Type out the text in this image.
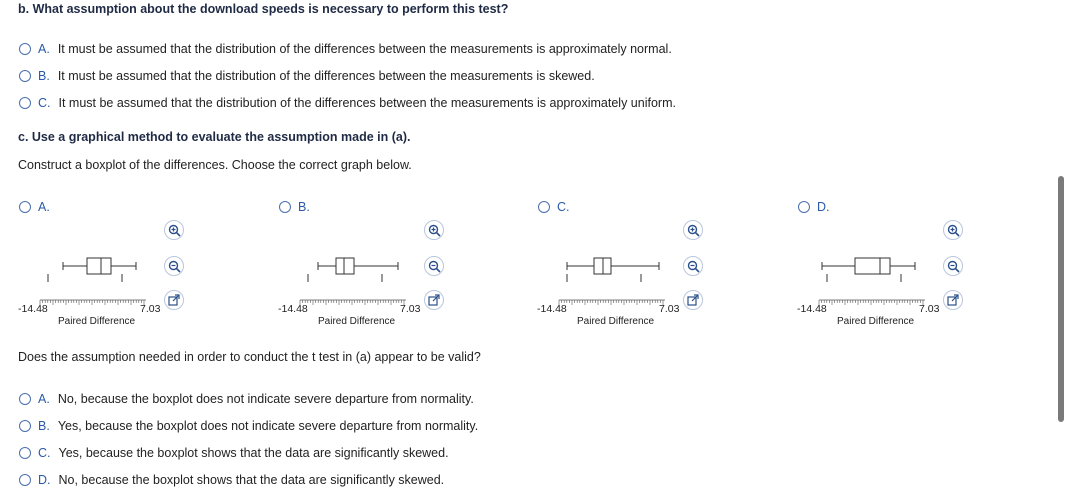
b. What assumption about the download speeds is necessary to perform this test?
A. It must be assumed that the distribution of the differences between the measurements is approximately normal.
B. It must be assumed that the distribution of the differences between the measurements is skewed.
C. It must be assumed that the distribution of the differences between the measurements is approximately uniform.
c. Use a graphical method to evaluate the assumption made in (a).
Construct a boxplot of the differences. Choose the correct graph below.
A.
-14.48	7.03
Paired Difference
B.
-14.48	7.03
Paired Difference
C.
-14.48	7.03
Paired Difference
D.
-14.48	7.03
Paired Difference
Does the assumption needed in order to conduct the t test in (a) appear to be valid?
A. No, because the boxplot does not indicate severe departure from normality.
B. Yes, because the boxplot does not indicate severe departure from normality.
C. Yes, because the boxplot shows that the data are significantly skewed.
D. No, because the boxplot shows that the data are significantly skewed.
